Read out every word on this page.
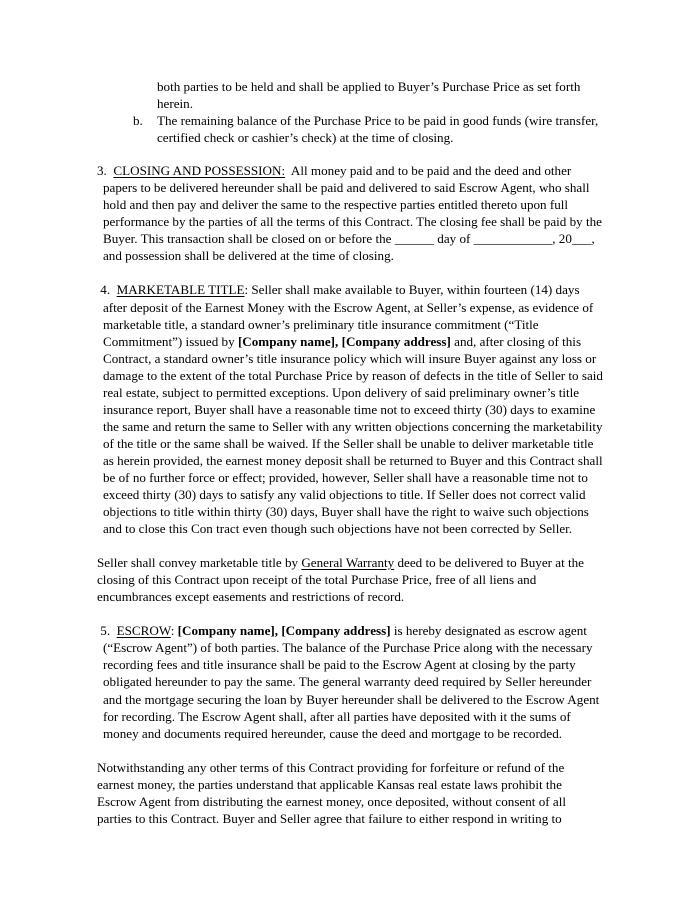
both parties to be held and shall be applied to Buyer’s Purchase Price as set forth herein.
b. The remaining balance of the Purchase Price to be paid in good funds (wire transfer, certified check or cashier’s check) at the time of closing.

3. CLOSING AND POSSESSION: All money paid and to be paid and the deed and other papers to be delivered hereunder shall be paid and delivered to said Escrow Agent, who shall hold and then pay and deliver the same to the respective parties entitled thereto upon full performance by the parties of all the terms of this Contract. The closing fee shall be paid by the Buyer. This transaction shall be closed on or before the ______ day of ____________, 20___, and possession shall be delivered at the time of closing.

4. MARKETABLE TITLE: Seller shall make available to Buyer, within fourteen (14) days after deposit of the Earnest Money with the Escrow Agent, at Seller’s expense, as evidence of marketable title, a standard owner’s preliminary title insurance commitment (“Title Commitment”) issued by [Company name], [Company address] and, after closing of this Contract, a standard owner’s title insurance policy which will insure Buyer against any loss or damage to the extent of the total Purchase Price by reason of defects in the title of Seller to said real estate, subject to permitted exceptions. Upon delivery of said preliminary owner’s title insurance report, Buyer shall have a reasonable time not to exceed thirty (30) days to examine the same and return the same to Seller with any written objections concerning the marketability of the title or the same shall be waived. If the Seller shall be unable to deliver marketable title as herein provided, the earnest money deposit shall be returned to Buyer and this Contract shall be of no further force or effect; provided, however, Seller shall have a reasonable time not to exceed thirty (30) days to satisfy any valid objections to title. If Seller does not correct valid objections to title within thirty (30) days, Buyer shall have the right to waive such objections and to close this Con tract even though such objections have not been corrected by Seller.

Seller shall convey marketable title by General Warranty deed to be delivered to Buyer at the closing of this Contract upon receipt of the total Purchase Price, free of all liens and encumbrances except easements and restrictions of record.

5. ESCROW: [Company name], [Company address] is hereby designated as escrow agent (“Escrow Agent”) of both parties. The balance of the Purchase Price along with the necessary recording fees and title insurance shall be paid to the Escrow Agent at closing by the party obligated hereunder to pay the same. The general warranty deed required by Seller hereunder and the mortgage securing the loan by Buyer hereunder shall be delivered to the Escrow Agent for recording. The Escrow Agent shall, after all parties have deposited with it the sums of money and documents required hereunder, cause the deed and mortgage to be recorded.

Notwithstanding any other terms of this Contract providing for forfeiture or refund of the earnest money, the parties understand that applicable Kansas real estate laws prohibit the Escrow Agent from distributing the earnest money, once deposited, without consent of all parties to this Contract. Buyer and Seller agree that failure to either respond in writing to
